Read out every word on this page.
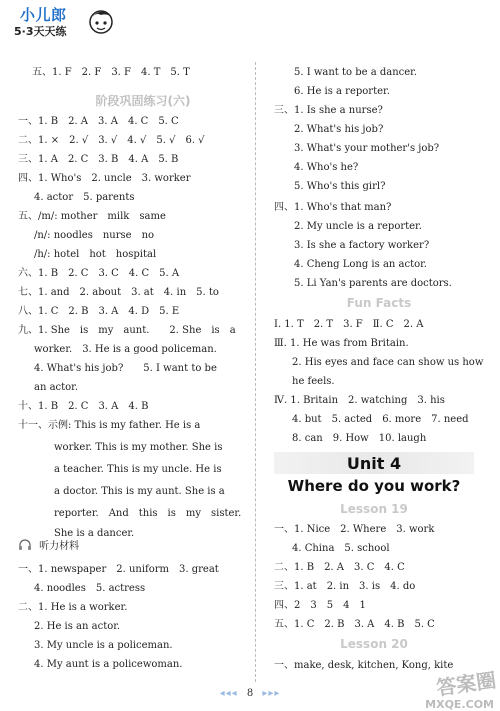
小儿郎
5·3天天练
五、1. F　2. F　3. F　4. T　5. T
阶段巩固练习(六)
一、1. B　2. A　3. A　4. C　5. C
二、1. ×　2. √　3. √　4. √　5. √　6. √
三、1. A　2. C　3. B　4. A　5. B
四、1. Who's　2. uncle　3. worker
4. actor　5. parents
五、/m/: mother　milk　same
/n/: noodles　nurse　no
/h/: hotel　hot　hospital
六、1. B　2. C　3. C　4. C　5. A
七、1. and　2. about　3. at　4. in　5. to
八、1. C　2. B　3. A　4. D　5. E
九、1. She　is　my　aunt.　　2. She　is　a
worker.　3. He is a good policeman.
4. What's his job?　　5. I want to be
an actor.
十、1. B　2. C　3. A　4. B
十一、示例: This is my father. He is a
worker. This is my mother. She is
a teacher. This is my uncle. He is
a doctor. This is my aunt. She is a
reporter.　And　this　is　my　sister.
She is a dancer.
听力材料
一、1. newspaper　2. uniform　3. great
4. noodles　5. actress
二、1. He is a worker.
2. He is an actor.
3. My uncle is a policeman.
4. My aunt is a policewoman.
5. I want to be a dancer.
6. He is a reporter.
三、1. Is she a nurse?
2. What's his job?
3. What's your mother's job?
4. Who's he?
5. Who's this girl?
四、1. Who's that man?
2. My uncle is a reporter.
3. Is she a factory worker?
4. Cheng Long is an actor.
5. Li Yan's parents are doctors.
Fun Facts
Ⅰ. 1. T　2. T　3. F　Ⅱ. C　2. A
Ⅲ. 1. He was from Britain.
2. His eyes and face can show us how
he feels.
Ⅳ. 1. Britain　2. watching　3. his
4. but　5. acted　6. more　7. need
8. can　9. How　10. laugh
Unit 4
Where do you work?
Lesson 19
一、1. Nice　2. Where　3. work
4. China　5. school
二、1. B　2. A　3. C　4. C
三、1. at　2. in　3. is　4. do
四、2　3　5　4　1
五、1. C　2. B　3. A　4. B　5. C
Lesson 20
一、make, desk, kitchen, Kong, kite
◂◂◂ 8 ▸▸▸	答案圈
MXQE.COM
